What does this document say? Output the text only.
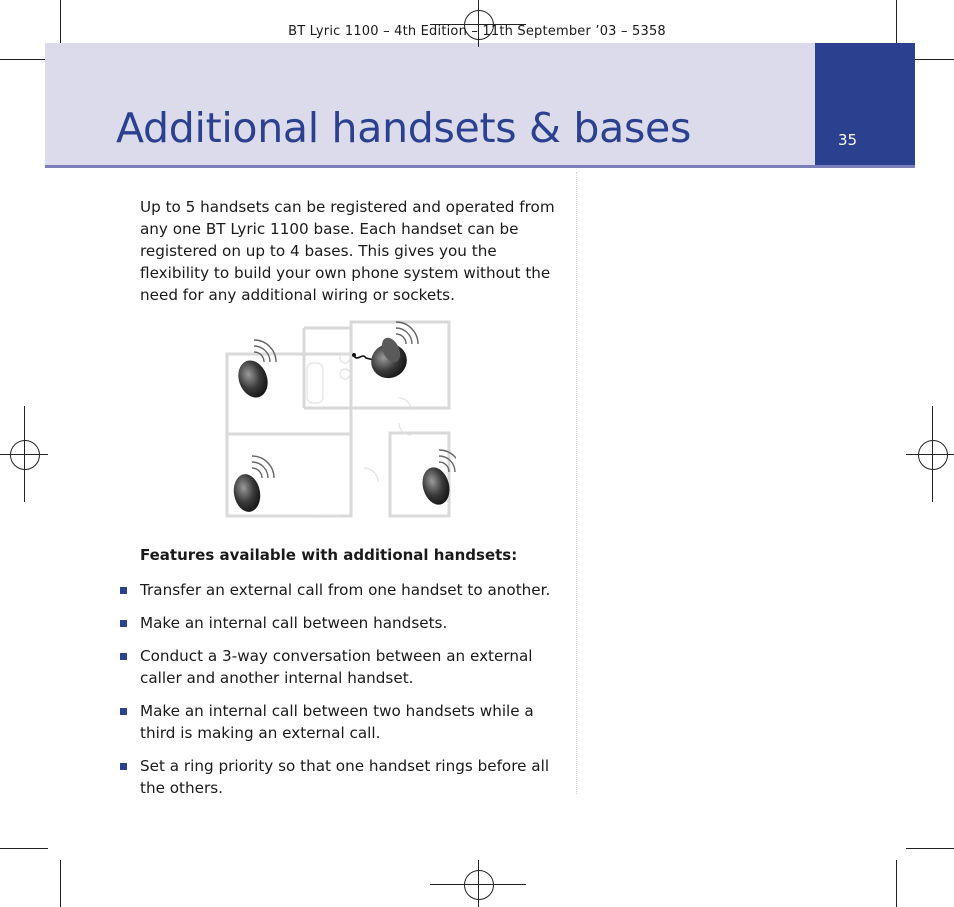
BT Lyric 1100 – 4th Edition – 11th September ’03 – 5358
Additional handsets & bases	35

Up to 5 handsets can be registered and operated from any one BT Lyric 1100 base. Each handset can be registered on up to 4 bases. This gives you the flexibility to build your own phone system without the need for any additional wiring or sockets.

Features available with additional handsets:
Transfer an external call from one handset to another.
Make an internal call between handsets.
Conduct a 3-way conversation between an external caller and another internal handset.
Make an internal call between two handsets while a third is making an external call.
Set a ring priority so that one handset rings before all the others.
